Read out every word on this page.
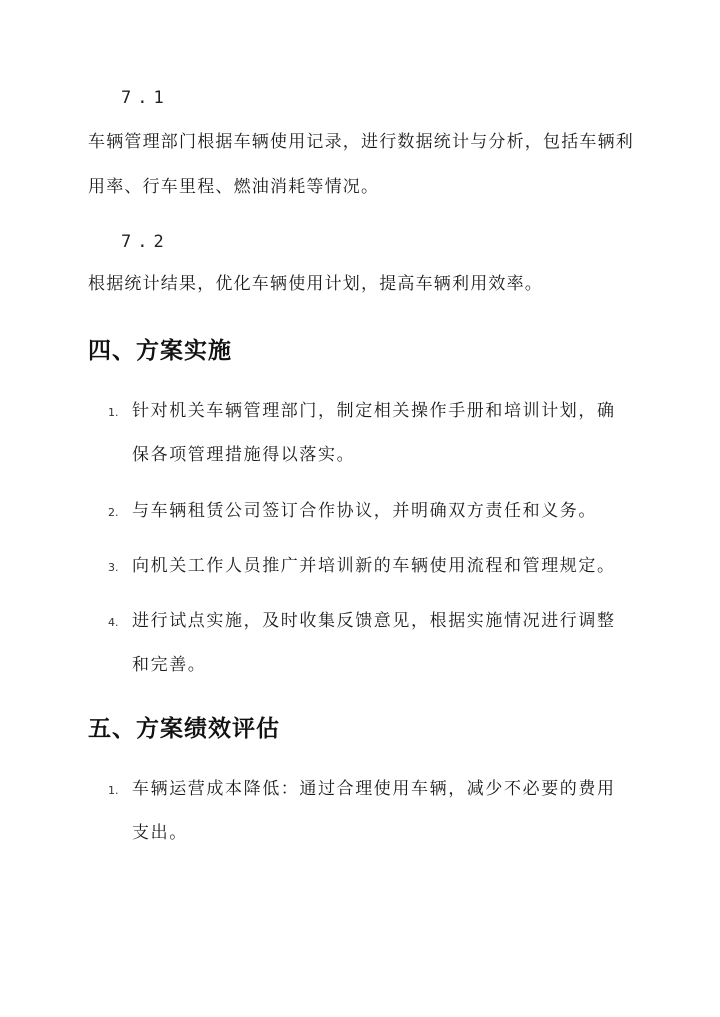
7.1

车辆管理部门根据车辆使用记录，进行数据统计与分析，包括车辆利用率、行车里程、燃油消耗等情况。

7.2

根据统计结果，优化车辆使用计划，提高车辆利用效率。

四、方案实施
1. 针对机关车辆管理部门，制定相关操作手册和培训计划，确保各项管理措施得以落实。
2. 与车辆租赁公司签订合作协议，并明确双方责任和义务。
3. 向机关工作人员推广并培训新的车辆使用流程和管理规定。
4. 进行试点实施，及时收集反馈意见，根据实施情况进行调整和完善。
五、方案绩效评估
1. 车辆运营成本降低：通过合理使用车辆，减少不必要的费用支出。
